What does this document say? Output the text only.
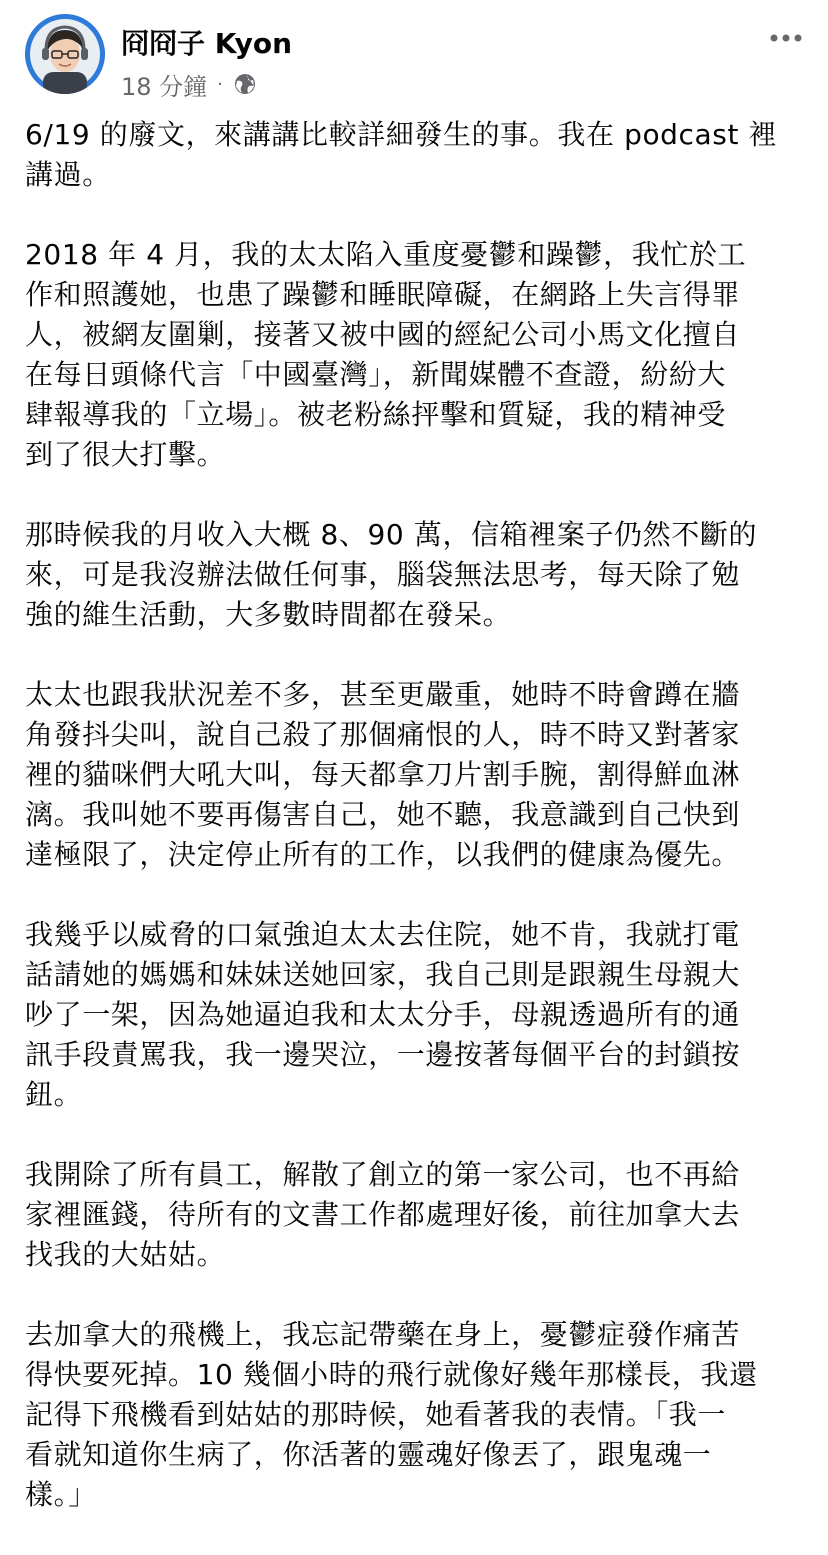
冏冏子 Kyon
18 分鐘 ·

6/19 的廢文，來講講比較詳細發生的事。我在 podcast 裡
講過。

2018 年 4 月，我的太太陷入重度憂鬱和躁鬱，我忙於工
作和照護她，也患了躁鬱和睡眠障礙，在網路上失言得罪
人，被網友圍剿，接著又被中國的經紀公司小馬文化擅自
在每日頭條代言「中國臺灣」，新聞媒體不查證，紛紛大
肆報導我的「立場」。被老粉絲抨擊和質疑，我的精神受
到了很大打擊。

那時候我的月收入大概 8、90 萬，信箱裡案子仍然不斷的
來，可是我沒辦法做任何事，腦袋無法思考，每天除了勉
強的維生活動，大多數時間都在發呆。

太太也跟我狀況差不多，甚至更嚴重，她時不時會蹲在牆
角發抖尖叫，說自己殺了那個痛恨的人，時不時又對著家
裡的貓咪們大吼大叫，每天都拿刀片割手腕，割得鮮血淋
漓。我叫她不要再傷害自己，她不聽，我意識到自己快到
達極限了，決定停止所有的工作，以我們的健康為優先。

我幾乎以威脅的口氣強迫太太去住院，她不肯，我就打電
話請她的媽媽和妹妹送她回家，我自己則是跟親生母親大
吵了一架，因為她逼迫我和太太分手，母親透過所有的通
訊手段責罵我，我一邊哭泣，一邊按著每個平台的封鎖按
鈕。

我開除了所有員工，解散了創立的第一家公司，也不再給
家裡匯錢，待所有的文書工作都處理好後，前往加拿大去
找我的大姑姑。

去加拿大的飛機上，我忘記帶藥在身上，憂鬱症發作痛苦
得快要死掉。10 幾個小時的飛行就像好幾年那樣長，我還
記得下飛機看到姑姑的那時候，她看著我的表情。「我一
看就知道你生病了，你活著的靈魂好像丟了，跟鬼魂一
樣。」
